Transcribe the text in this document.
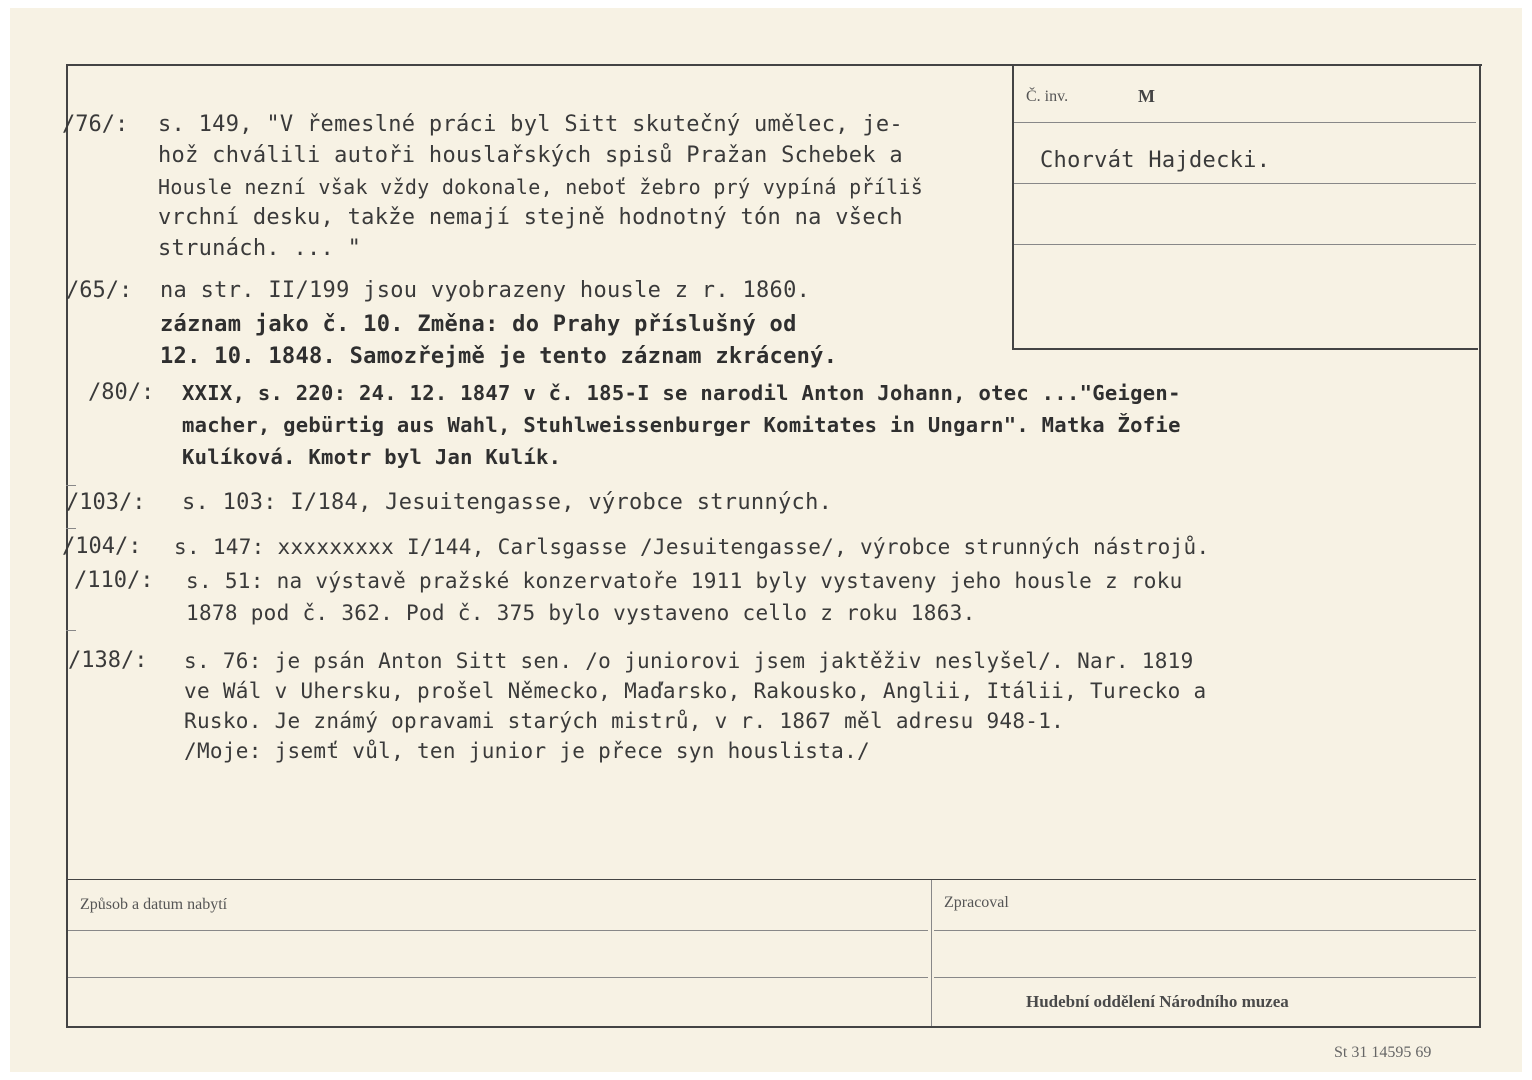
Č. inv.	M
Chorvát Hajdecki.
/76/: s. 149, "V řemeslné práci byl Sitt skutečný umělec, je-
hož chválili autoři houslařských spisů Pražan Schebek a
Housle nezní však vždy dokonale, neboť žebro prý vypíná příliš
vrchní desku, takže nemají stejně hodnotný tón na všech
strunách. ... "
/65/: na str. II/199 jsou vyobrazeny housle z r. 1860.
záznam jako č. 10. Změna: do Prahy příslušný od
12. 10. 1848. Samozřejmě je tento záznam zkrácený.
/80/: XXIX, s. 220: 24. 12. 1847 v č. 185-I se narodil Anton Johann, otec ..."Geigen-
macher, gebürtig aus Wahl, Stuhlweissenburger Komitates in Ungarn". Matka Žofie
Kulíková. Kmotr byl Jan Kulík.
/103/: s. 103: I/184, Jesuitengasse, výrobce strunných.
/104/: s. 147: xxxxxxxxx I/144, Carlsgasse /Jesuitengasse/, výrobce strunných nástrojů.
/110/: s. 51: na výstavě pražské konzervatoře 1911 byly vystaveny jeho housle z roku
1878 pod č. 362. Pod č. 375 bylo vystaveno cello z roku 1863.
/138/: s. 76: je psán Anton Sitt sen. /o juniorovi jsem jaktěživ neslyšel/. Nar. 1819
ve Wál v Uhersku, prošel Německo, Maďarsko, Rakousko, Anglii, Itálii, Turecko a
Rusko. Je známý opravami starých mistrů, v r. 1867 měl adresu 948-1.
/Moje: jsemť vůl, ten junior je přece syn houslista./
Způsob a datum nabytí	Zpracoval
Hudební oddělení Národního muzea
St 31 14595 69
